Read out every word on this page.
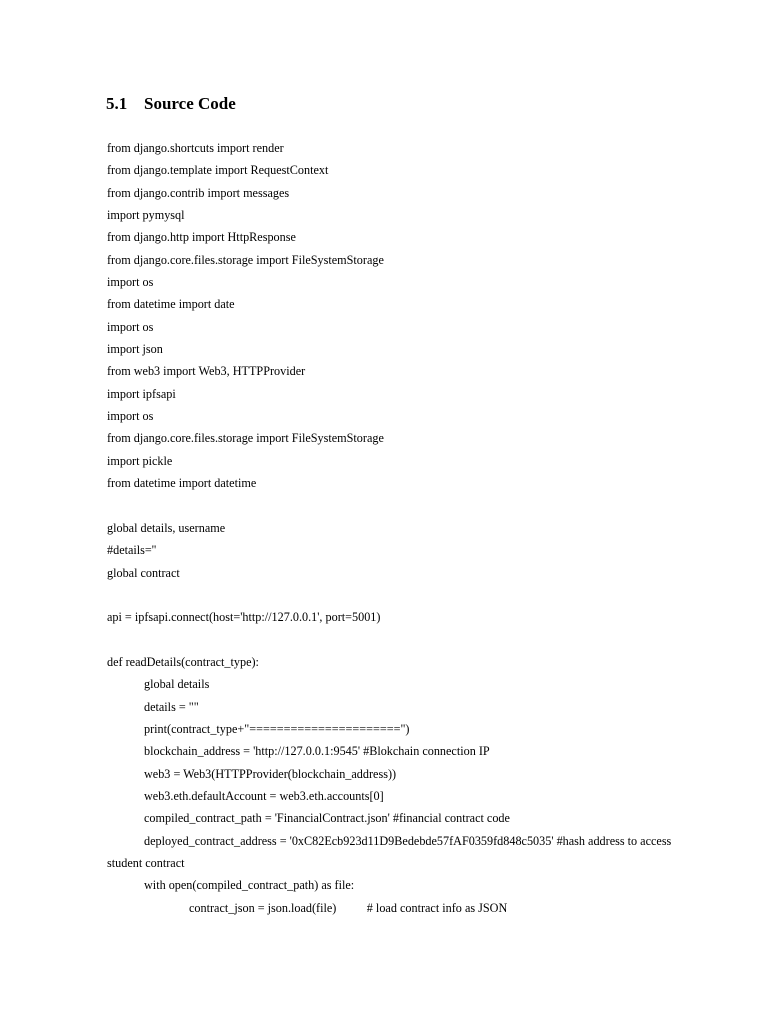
5.1 Source Code
from django.shortcuts import render
from django.template import RequestContext
from django.contrib import messages
import pymysql
from django.http import HttpResponse
from django.core.files.storage import FileSystemStorage
import os
from datetime import date
import os
import json
from web3 import Web3, HTTPProvider
import ipfsapi
import os
from django.core.files.storage import FileSystemStorage
import pickle
from datetime import datetime
global details, username
#details=''
global contract
api = ipfsapi.connect(host='http://127.0.0.1', port=5001)
def readDetails(contract_type):
global details
details = ""
print(contract_type+"======================")
blockchain_address = 'http://127.0.0.1:9545' #Blokchain connection IP
web3 = Web3(HTTPProvider(blockchain_address))
web3.eth.defaultAccount = web3.eth.accounts[0]
compiled_contract_path = 'FinancialContract.json' #financial contract code
deployed_contract_address = '0xC82Ecb923d11D9Bedebde57fAF0359fd848c5035' #hash address to access
student contract
with open(compiled_contract_path) as file:
contract_json = json.load(file)          # load contract info as JSON
